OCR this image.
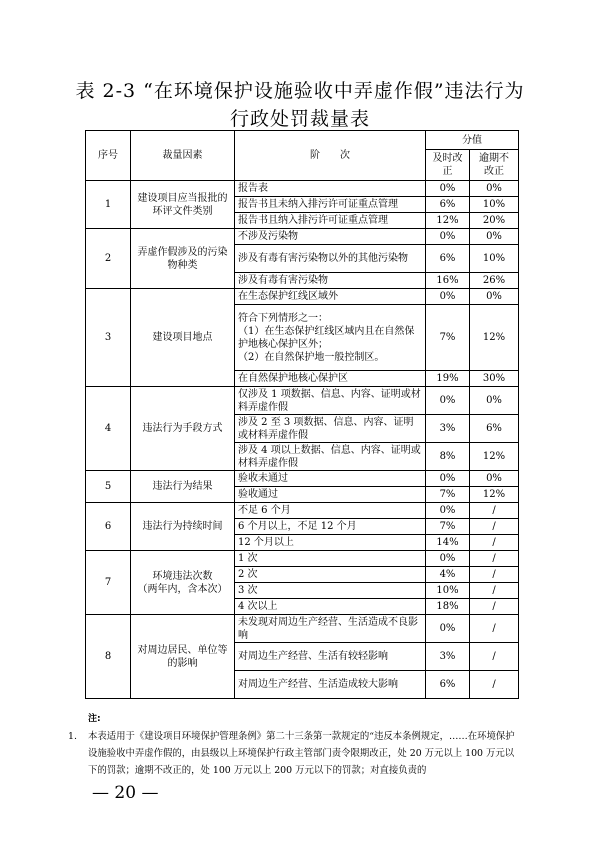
表 2-3 “在环境保护设施验收中弄虚作假”违法行为
行政处罚裁量表
序号	裁量因素	阶　　次	分值	
			及时改正	逾期不改正
1	建设项目应当报批的环评文件类别	报告表	0%	0%
		报告书且未纳入排污许可证重点管理	6%	10%
		报告书且纳入排污许可证重点管理	12%	20%
2	弄虚作假涉及的污染物种类	不涉及污染物	0%	0%
		涉及有毒有害污染物以外的其他污染物	6%	10%
		涉及有毒有害污染物	16%	26%
3	建设项目地点	在生态保护红线区域外	0%	0%
		符合下列情形之一：
（1）在生态保护红线区域内且在自然保护地核心保护区外；
（2）在自然保护地一般控制区。	7%	12%
		在自然保护地核心保护区	19%	30%
4	违法行为手段方式	仅涉及 1 项数据、信息、内容、证明或材料弄虚作假	0%	0%
		涉及 2 至 3 项数据、信息、内容、证明或材料弄虚作假	3%	6%
		涉及 4 项以上数据、信息、内容、证明或材料弄虚作假	8%	12%
5	违法行为结果	验收未通过	0%	0%
		验收通过	7%	12%
6	违法行为持续时间	不足 6 个月	0%	/
		6 个月以上，不足 12 个月	7%	/
		12 个月以上	14%	/
7	环境违法次数
（两年内，含本次）	1 次	0%	/
		2 次	4%	/
		3 次	10%	/
		4 次以上	18%	/
8	对周边居民、单位等的影响	未发现对周边生产经营、生活造成不良影响	0%	/
		对周边生产经营、生活有较轻影响	3%	/
		对周边生产经营、生活造成较大影响	6%	/
注:
1.	本表适用于《建设项目环境保护管理条例》第二十三条第一款规定的“违反本条例规定，……在环境保护设施验收中弄虚作假的，由县级以上环境保护行政主管部门责令限期改正，处 20 万元以上 100 万元以下的罚款；逾期不改正的，处 100 万元以上 200 万元以下的罚款；对直接负责的
— 20 —
